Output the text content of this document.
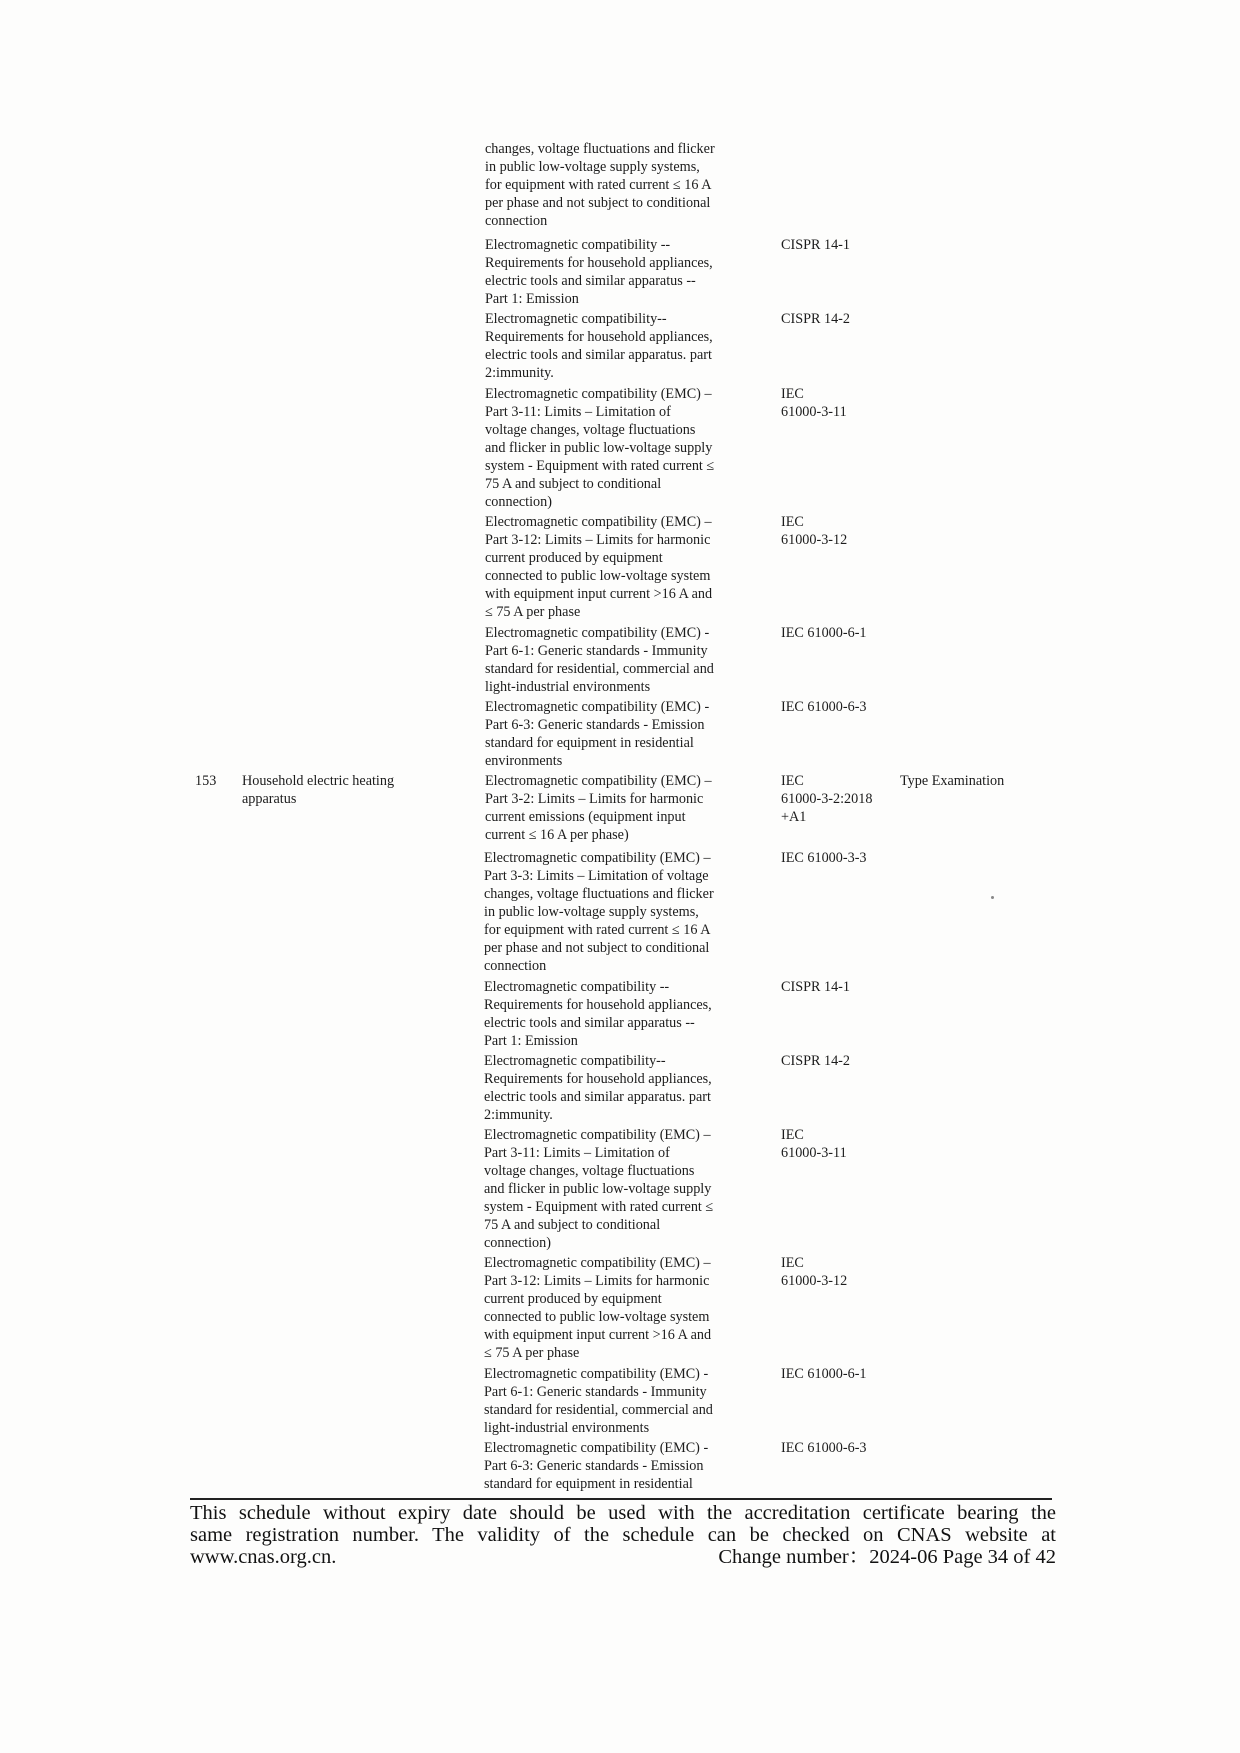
changes, voltage fluctuations and flicker
in public low-voltage supply systems,
for equipment with rated current ≤ 16 A
per phase and not subject to conditional
connection
Electromagnetic compatibility --
Requirements for household appliances,
electric tools and similar apparatus --
Part 1: Emission
CISPR 14-1
Electromagnetic compatibility--
Requirements for household appliances,
electric tools and similar apparatus. part
2:immunity.
CISPR 14-2
Electromagnetic compatibility (EMC) –
Part 3-11: Limits – Limitation of
voltage changes, voltage fluctuations
and flicker in public low-voltage supply
system - Equipment with rated current ≤
75 A and subject to conditional
connection)
IEC
61000-3-11
Electromagnetic compatibility (EMC) –
Part 3-12: Limits – Limits for harmonic
current produced by equipment
connected to public low-voltage system
with equipment input current >16 A and
≤ 75 A per phase
IEC
61000-3-12
Electromagnetic compatibility (EMC) -
Part 6-1: Generic standards - Immunity
standard for residential, commercial and
light-industrial environments
IEC 61000-6-1
Electromagnetic compatibility (EMC) -
Part 6-3: Generic standards - Emission
standard for equipment in residential
environments
IEC 61000-6-3
153	Household electric heating
apparatus
Electromagnetic compatibility (EMC) –
Part 3-2: Limits – Limits for harmonic
current emissions (equipment input
current ≤ 16 A per phase)
IEC
61000-3-2:2018
+A1
Type Examination
Electromagnetic compatibility (EMC) –
Part 3-3: Limits – Limitation of voltage
changes, voltage fluctuations and flicker
in public low-voltage supply systems,
for equipment with rated current ≤ 16 A
per phase and not subject to conditional
connection
IEC 61000-3-3
Electromagnetic compatibility --
Requirements for household appliances,
electric tools and similar apparatus --
Part 1: Emission
CISPR 14-1
Electromagnetic compatibility--
Requirements for household appliances,
electric tools and similar apparatus. part
2:immunity.
CISPR 14-2
Electromagnetic compatibility (EMC) –
Part 3-11: Limits – Limitation of
voltage changes, voltage fluctuations
and flicker in public low-voltage supply
system - Equipment with rated current ≤
75 A and subject to conditional
connection)
IEC
61000-3-11
Electromagnetic compatibility (EMC) –
Part 3-12: Limits – Limits for harmonic
current produced by equipment
connected to public low-voltage system
with equipment input current >16 A and
≤ 75 A per phase
IEC
61000-3-12
Electromagnetic compatibility (EMC) -
Part 6-1: Generic standards - Immunity
standard for residential, commercial and
light-industrial environments
IEC 61000-6-1
Electromagnetic compatibility (EMC) -
Part 6-3: Generic standards - Emission
standard for equipment in residential
IEC 61000-6-3
This schedule without expiry date should be used with the accreditation certificate bearing the
same registration number. The validity of the schedule can be checked on CNAS website at
www.cnas.org.cn.	Change number：2024-06 Page 34 of 42
